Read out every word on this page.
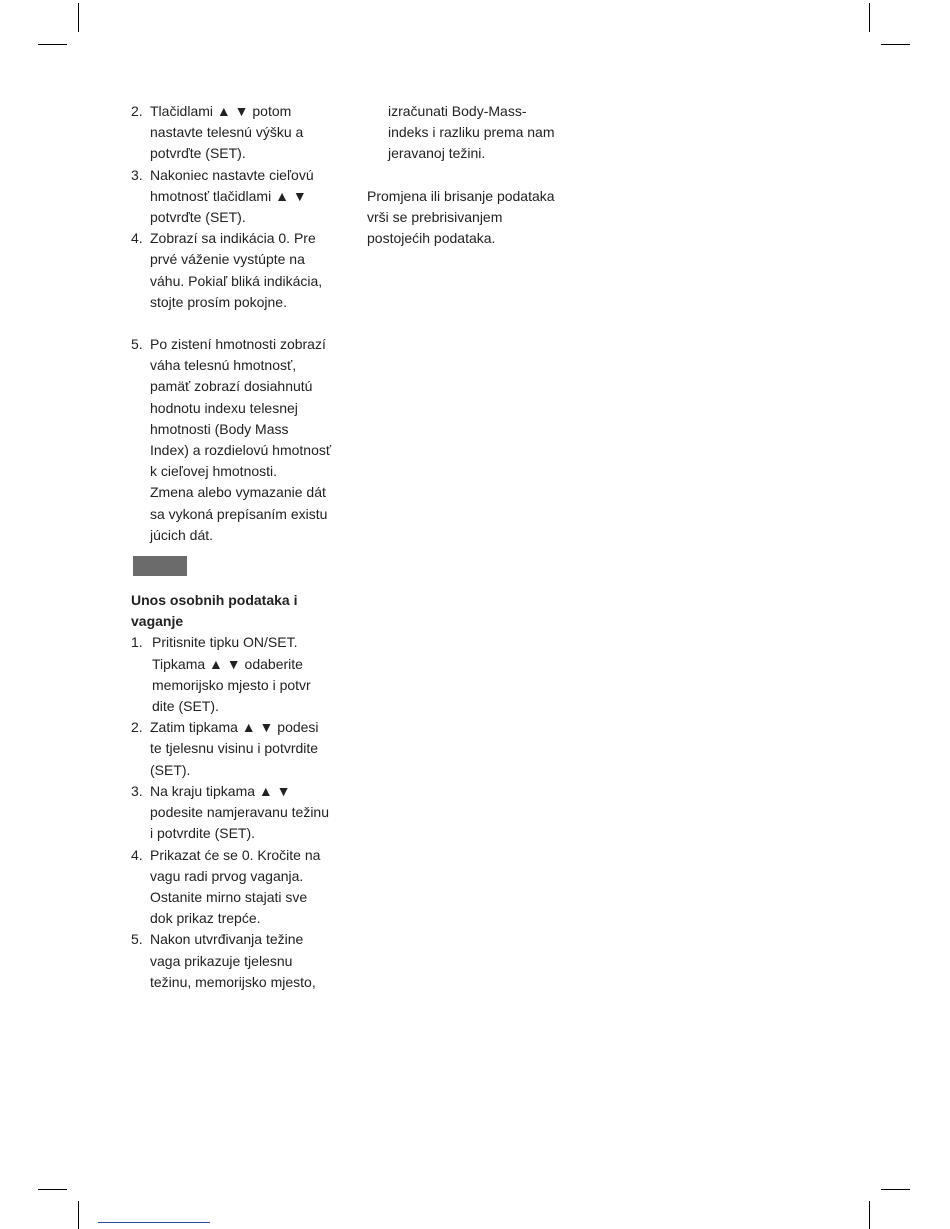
2. Tlačidlami ▲ ▼ potom
nastavte telesnú výšku a
potvrďte (SET).
3. Nakoniec nastavte cieľovú
hmotnosť tlačidlami ▲ ▼
potvrďte (SET).
4. Zobrazí sa indikácia 0. Pre
prvé váženie vystúpte na
váhu. Pokiaľ bliká indikácia,
stojte prosím pokojne.
5. Po zistení hmotnosti zobrazí
váha telesnú hmotnosť,
pamäť zobrazí dosiahnutú
hodnotu indexu telesnej
hmotnosti (Body Mass
Index) a rozdielovú hmotnosť
k cieľovej hmotnosti.
Zmena alebo vymazanie dát
sa vykoná prepísaním existu
júcich dát.
Unos osobnih podataka i
vaganje
1. Pritisnite tipku ON/SET.
Tipkama ▲ ▼ odaberite
memorijsko mjesto i potvr
dite (SET).
2. Zatim tipkama ▲ ▼ podesi
te tjelesnu visinu i potvrdite
(SET).
3. Na kraju tipkama ▲ ▼
podesite namjeravanu težinu
i potvrdite (SET).
4. Prikazat će se 0. Kročite na
vagu radi prvog vaganja.
Ostanite mirno stajati sve
dok prikaz trepće.
5. Nakon utvrđivanja težine
vaga prikazuje tjelesnu
težinu, memorijsko mjesto,
izračunati Body-Mass-
indeks i razliku prema nam
jeravanoj težini.
Promjena ili brisanje podataka
vrši se prebrisivanjem
postojećih podataka.
